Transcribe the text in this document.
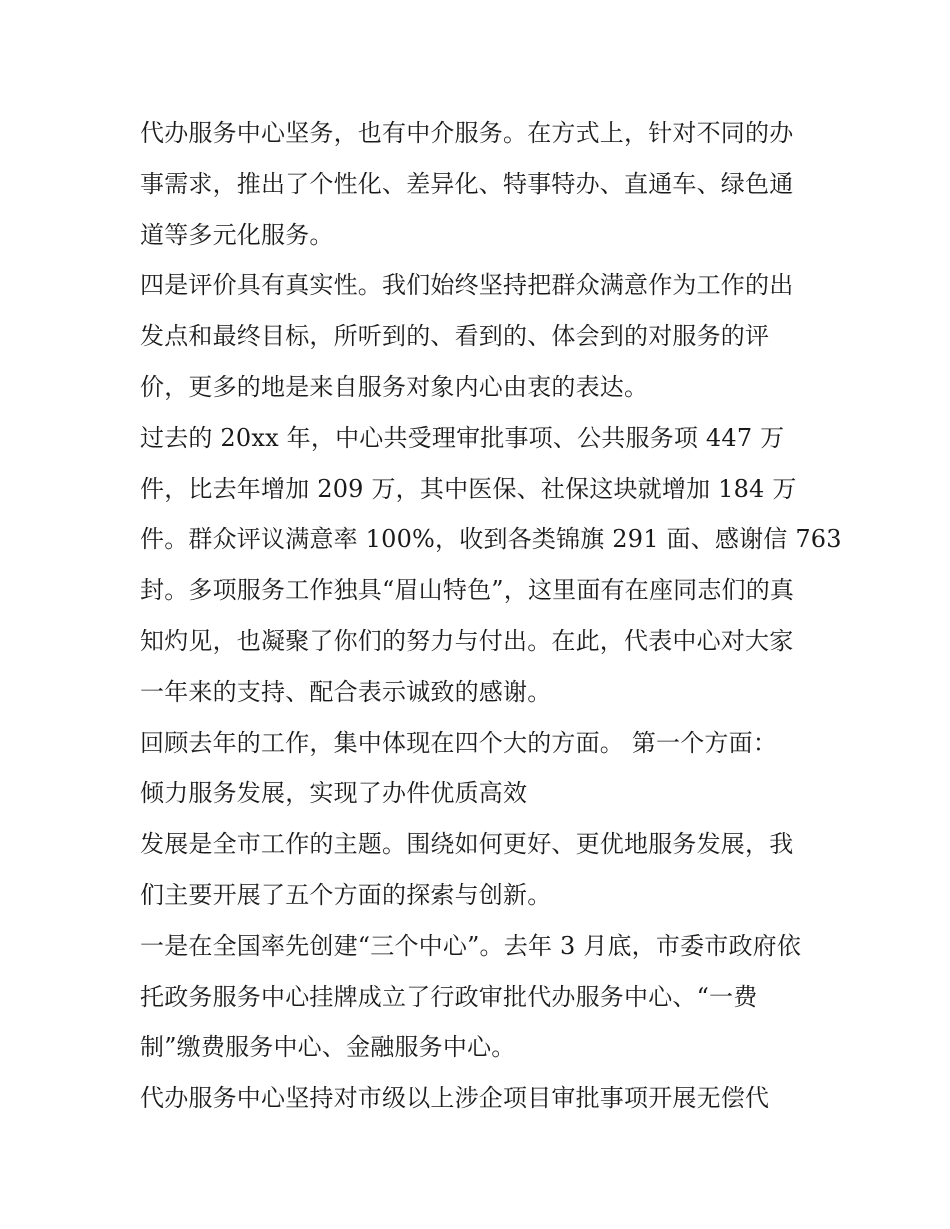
代办服务中心坚务，也有中介服务。在方式上，针对不同的办
事需求，推出了个性化、差异化、特事特办、直通车、绿色通
道等多元化服务。
四是评价具有真实性。我们始终坚持把群众满意作为工作的出
发点和最终目标，所听到的、看到的、体会到的对服务的评
价，更多的地是来自服务对象内心由衷的表达。
过去的 20xx 年，中心共受理审批事项、公共服务项 447 万
件，比去年增加 209 万，其中医保、社保这块就增加 184 万
件。群众评议满意率 100%，收到各类锦旗 291 面、感谢信 763
封。多项服务工作独具“眉山特色”，这里面有在座同志们的真
知灼见，也凝聚了你们的努力与付出。在此，代表中心对大家
一年来的支持、配合表示诚致的感谢。
回顾去年的工作，集中体现在四个大的方面。 第一个方面：
倾力服务发展，实现了办件优质高效
发展是全市工作的主题。围绕如何更好、更优地服务发展，我
们主要开展了五个方面的探索与创新。
一是在全国率先创建“三个中心”。去年 3 月底，市委市政府依
托政务服务中心挂牌成立了行政审批代办服务中心、“一费
制”缴费服务中心、金融服务中心。
代办服务中心坚持对市级以上涉企项目审批事项开展无偿代
